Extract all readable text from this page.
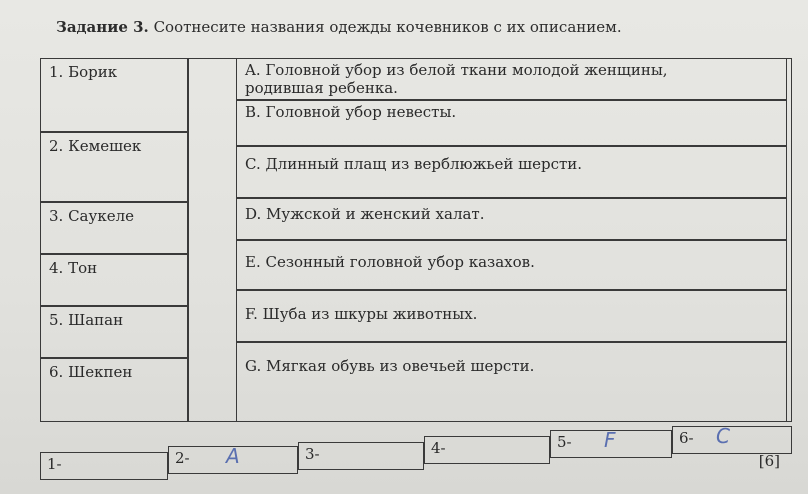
Задание 3. Соотнесите названия одежды кочевников с их описанием.
1. Борик
2. Кемешек
3. Саукеле
4. Тон
5. Шапан
6. Шекпен
A. Головной убор из белой ткани молодой женщины,
родившая ребенка.
B. Головной убор невесты.
C. Длинный плащ из верблюжьей шерсти.
D. Мужской и женский халат.
E. Сезонный головной убор казахов.
F. Шуба из шкуры животных.
G. Мягкая обувь из овечьей шерсти.
1-	2-	A	3-	4-	5-	F	6-	C
[6]
